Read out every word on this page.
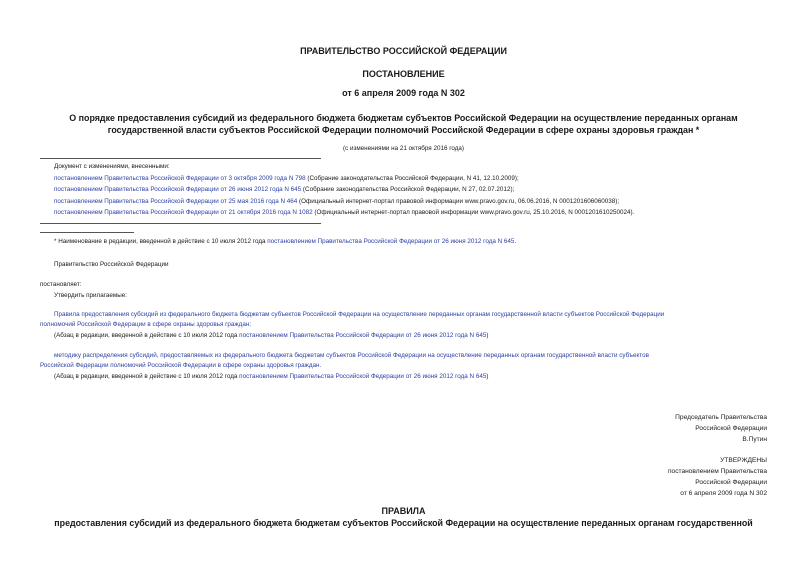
ПРАВИТЕЛЬСТВО РОССИЙСКОЙ ФЕДЕРАЦИИ
ПОСТАНОВЛЕНИЕ
от 6 апреля 2009 года N 302
О порядке предоставления субсидий из федерального бюджета бюджетам субъектов Российской Федерации на осуществление переданных органам
государственной власти субъектов Российской Федерации полномочий Российской Федерации в сфере охраны здоровья граждан *
(с изменениями на 21 октября 2016 года)
Документ с изменениями, внесенными:
постановлением Правительства Российской Федерации от 3 октября 2009 года N 798 (Собрание законодательства Российской Федерации, N 41, 12.10.2009);
постановлением Правительства Российской Федерации от 26 июня 2012 года N 645 (Собрание законодательства Российской Федерации, N 27, 02.07.2012);
постановлением Правительства Российской Федерации от 25 мая 2016 года N 464 (Официальный интернет-портал правовой информации www.pravo.gov.ru, 06.06.2016, N 0001201606060038);
постановлением Правительства Российской Федерации от 21 октября 2016 года N 1082 (Официальный интернет-портал правовой информации www.pravo.gov.ru, 25.10.2016, N 0001201610250024).
* Наименование в редакции, введенной в действие с 10 июля 2012 года постановлением Правительства Российской Федерации от 26 июня 2012 года N 645.
Правительство Российской Федерации
постановляет:
Утвердить прилагаемые:
Правила предоставления субсидий из федерального бюджета бюджетам субъектов Российской Федерации на осуществление переданных органам государственной власти субъектов Российской Федерации
полномочий Российской Федерации в сфере охраны здоровья граждан;
(Абзац в редакции, введенной в действие с 10 июля 2012 года постановлением Правительства Российской Федерации от 26 июня 2012 года N 645)
методику распределения субсидий, предоставляемых из федерального бюджета бюджетам субъектов Российской Федерации на осуществление переданных органам государственной власти субъектов
Российской Федерации полномочий Российской Федерации в сфере охраны здоровья граждан.
(Абзац в редакции, введенной в действие с 10 июля 2012 года постановлением Правительства Российской Федерации от 26 июня 2012 года N 645)
Председатель Правительства
Российской Федерации
В.Путин
УТВЕРЖДЕНЫ
постановлением Правительства
Российской Федерации
от 6 апреля 2009 года N 302
ПРАВИЛА
предоставления субсидий из федерального бюджета бюджетам субъектов Российской Федерации на осуществление переданных органам государственной
